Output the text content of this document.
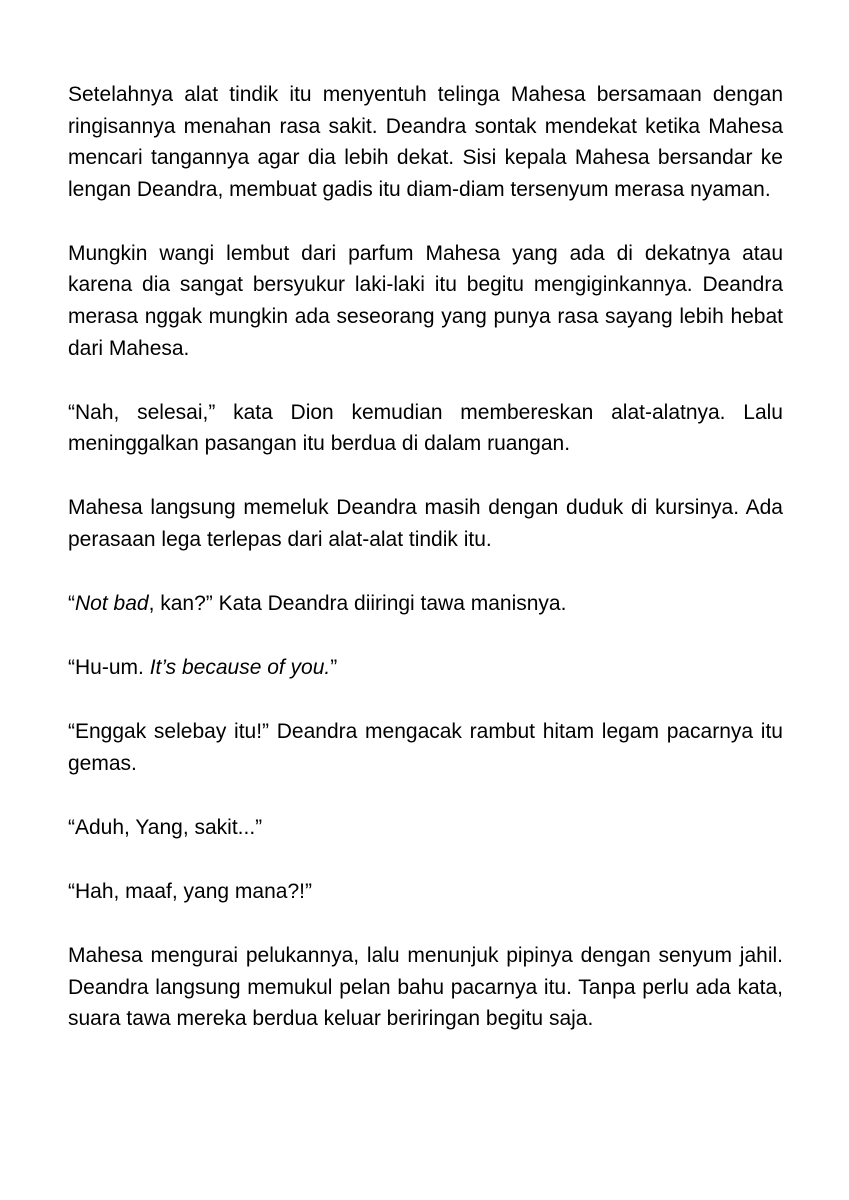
Setelahnya alat tindik itu menyentuh telinga Mahesa bersamaan dengan ringisannya menahan rasa sakit. Deandra sontak mendekat ketika Mahesa mencari tangannya agar dia lebih dekat. Sisi kepala Mahesa bersandar ke lengan Deandra, membuat gadis itu diam-diam tersenyum merasa nyaman.

Mungkin wangi lembut dari parfum Mahesa yang ada di dekatnya atau karena dia sangat bersyukur laki-laki itu begitu mengiginkannya. Deandra merasa nggak mungkin ada seseorang yang punya rasa sayang lebih hebat dari Mahesa.

“Nah, selesai,” kata Dion kemudian membereskan alat-alatnya. Lalu meninggalkan pasangan itu berdua di dalam ruangan.

Mahesa langsung memeluk Deandra masih dengan duduk di kursinya. Ada perasaan lega terlepas dari alat-alat tindik itu.

“Not bad, kan?” Kata Deandra diiringi tawa manisnya.

“Hu-um. It’s because of you.”

“Enggak selebay itu!” Deandra mengacak rambut hitam legam pacarnya itu gemas.

“Aduh, Yang, sakit...”

“Hah, maaf, yang mana?!”

Mahesa mengurai pelukannya, lalu menunjuk pipinya dengan senyum jahil. Deandra langsung memukul pelan bahu pacarnya itu. Tanpa perlu ada kata, suara tawa mereka berdua keluar beriringan begitu saja.
